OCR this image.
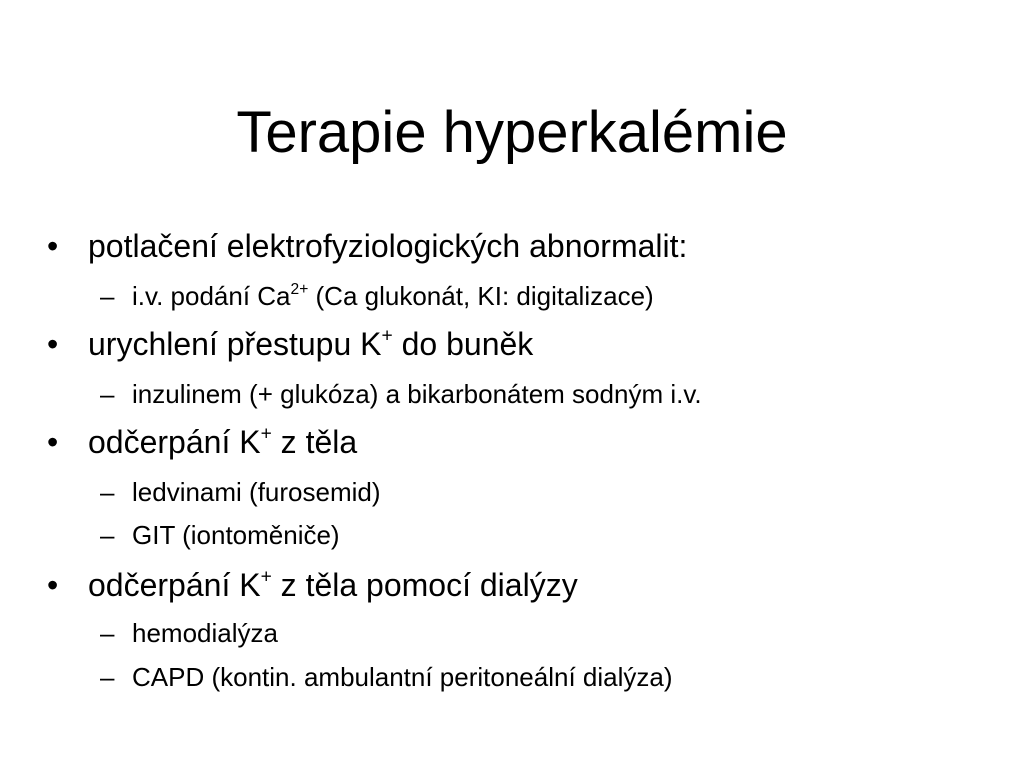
Terapie hyperkalémie
• potlačení elektrofyziologických abnormalit:
– i.v. podání $Ca^{2+}$ (Ca glukonát, KI: digitalizace)
• urychlení přestupu K+ do buněk
– inzulinem (+ glukóza) a bikarbonátem sodným i.v.
• odčerpání K+ z těla
– ledvinami (furosemid)
– GIT (iontoměniče)
• odčerpání K+ z těla pomocí dialýzy
– hemodialýza
– CAPD (kontin. ambulantní peritoneální dialýza)
